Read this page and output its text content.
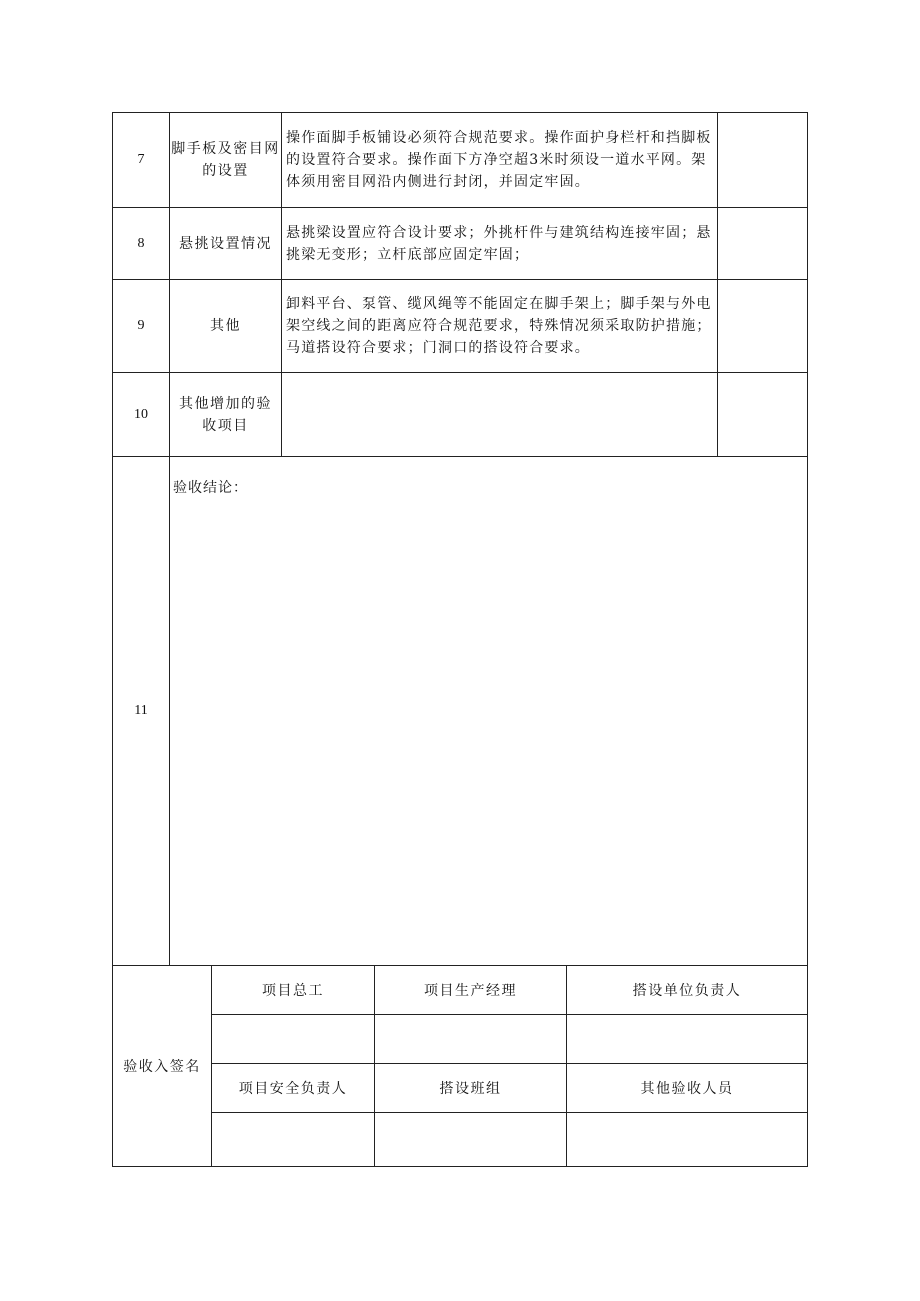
7	脚手板及密目网的设置	操作面脚手板铺设必须符合规范要求。操作面护身栏杆和挡脚板的设置符合要求。操作面下方净空超3米时须设一道水平网。架体须用密目网沿内侧进行封闭，并固定牢固。	
8	悬挑设置情况	悬挑梁设置应符合设计要求；外挑杆件与建筑结构连接牢固；悬挑梁无变形；立杆底部应固定牢固；	
9	其他	卸料平台、泵管、缆风绳等不能固定在脚手架上；脚手架与外电架空线之间的距离应符合规范要求，特殊情况须采取防护措施；马道搭设符合要求；门洞口的搭设符合要求。	
10	其他增加的验收项目		
11	验收结论：		
验收入签名	项目总工	项目生产经理	搭设单位负责人

	项目安全负责人	搭设班组	其他验收人员
